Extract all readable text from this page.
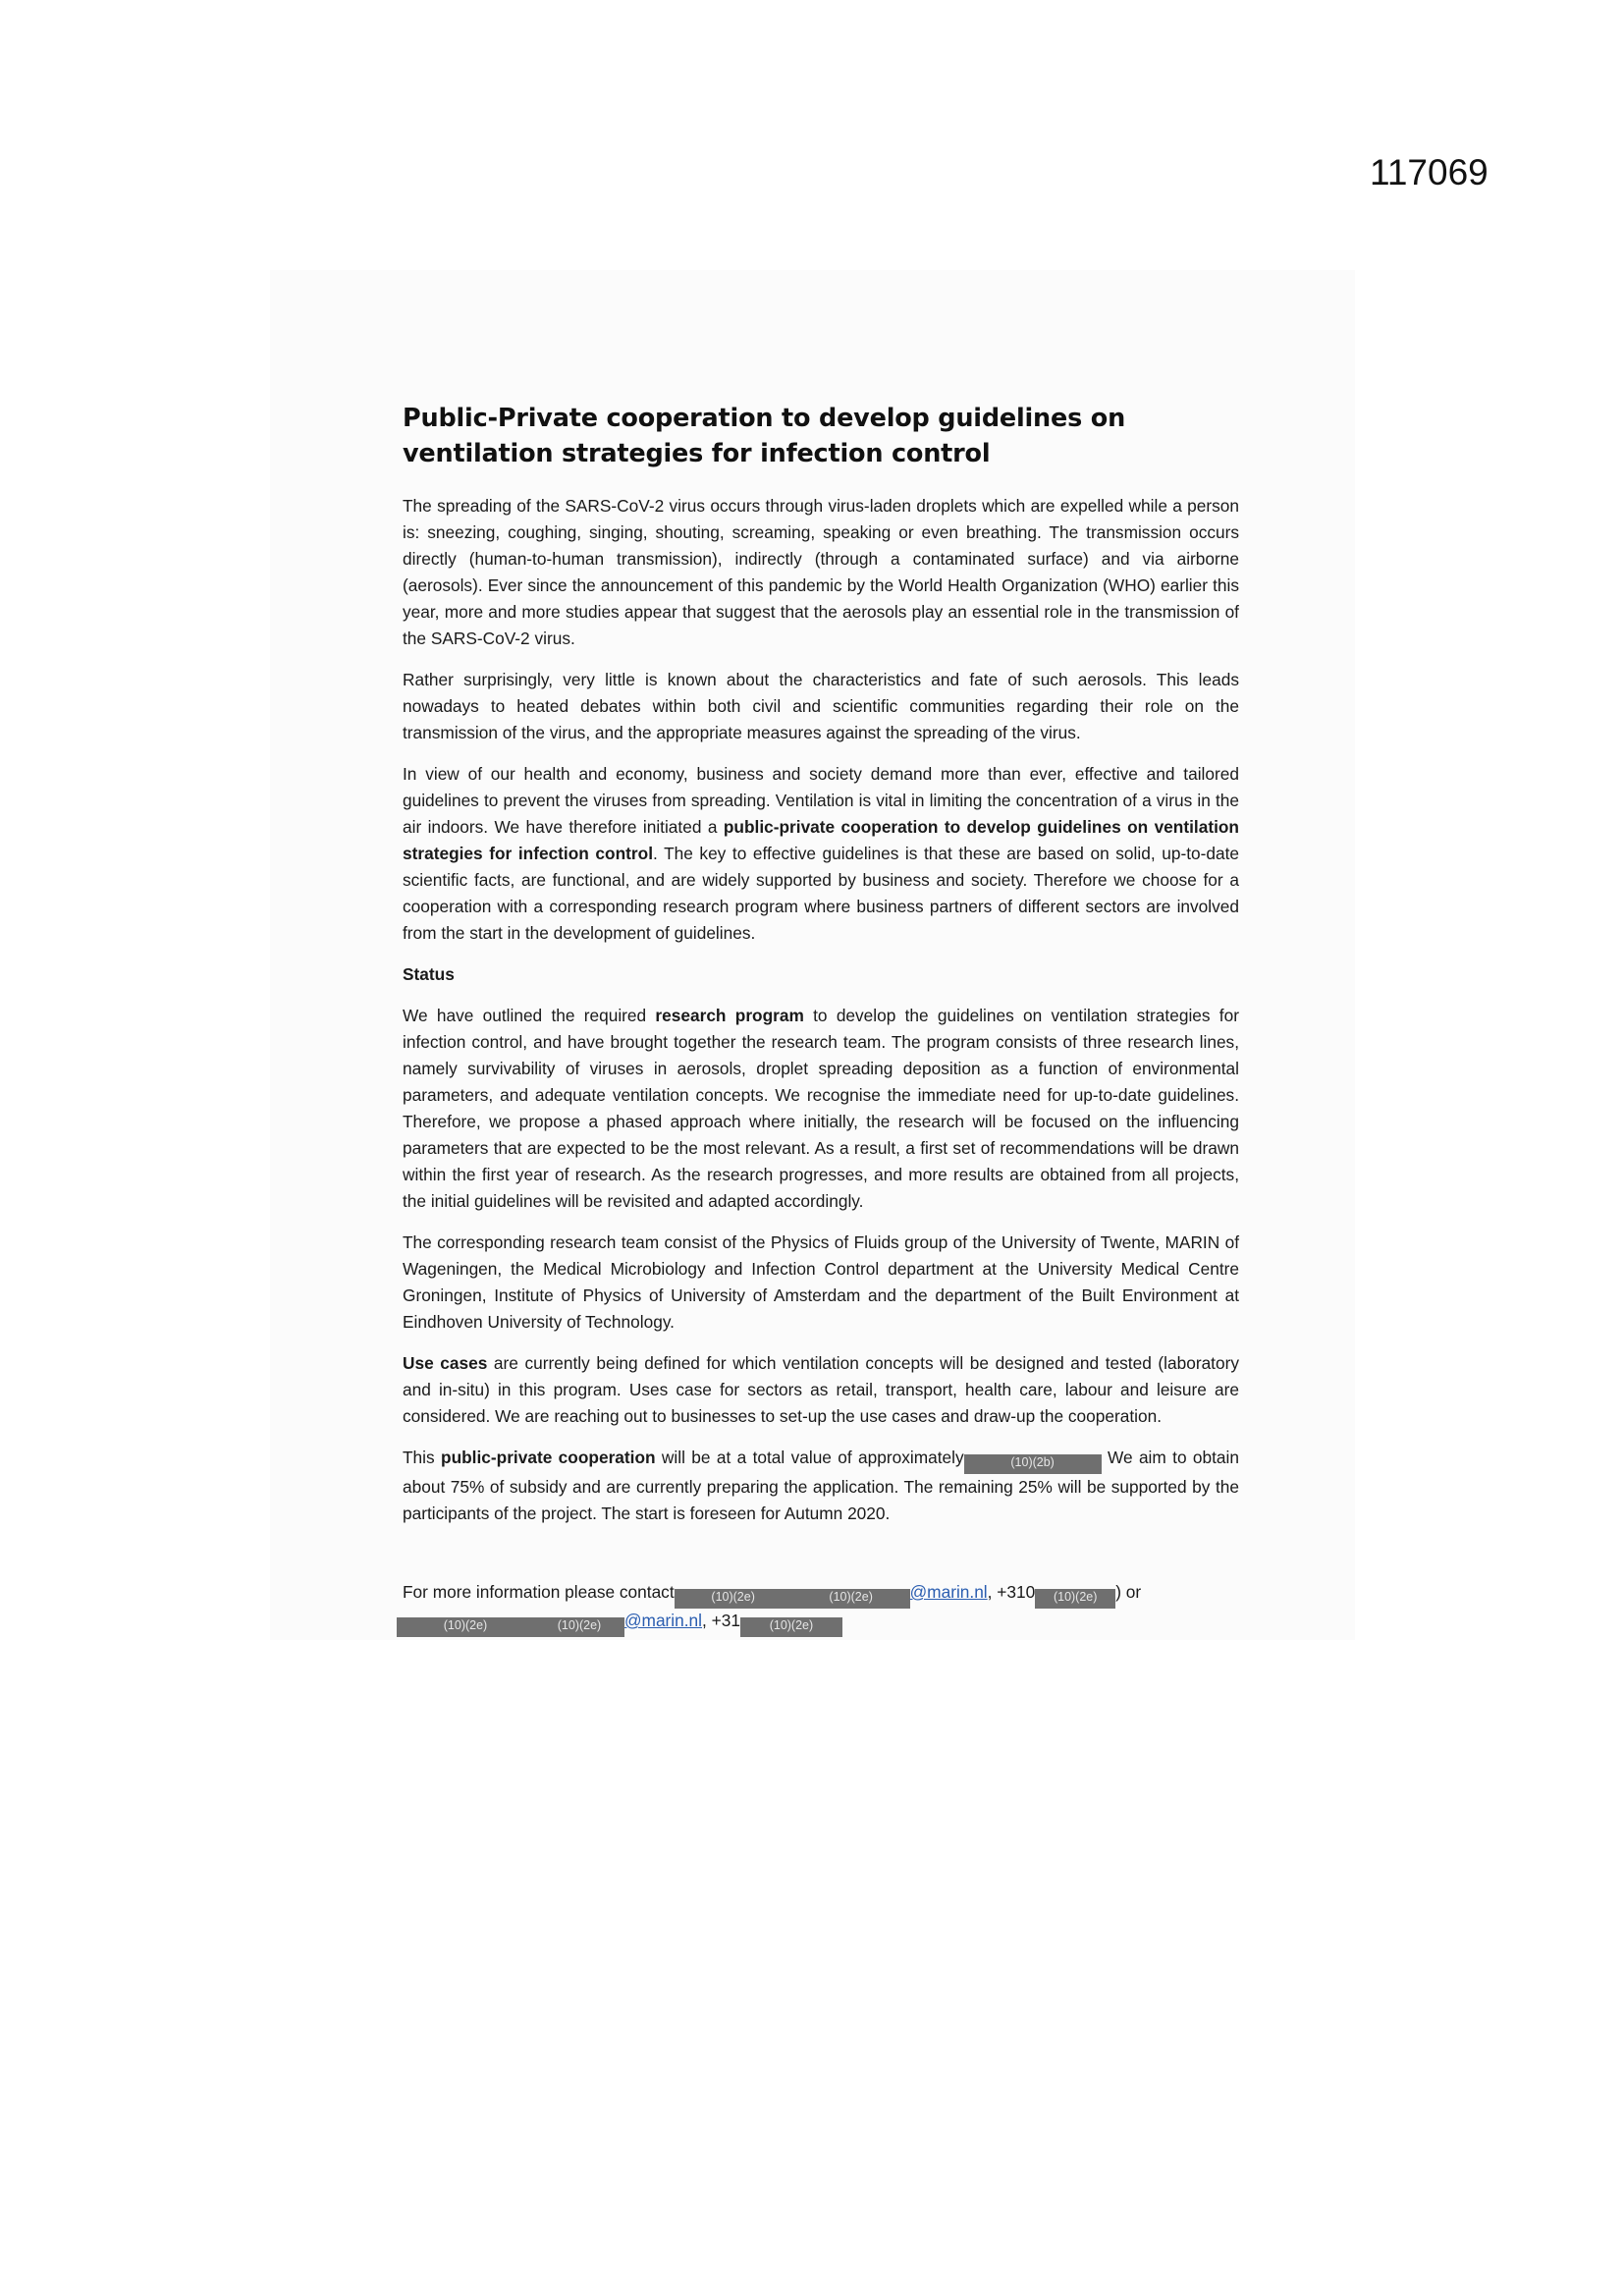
117069
Public-Private cooperation to develop guidelines on
ventilation strategies for infection control

The spreading of the SARS-CoV-2 virus occurs through virus-laden droplets which are expelled while a person is: sneezing, coughing, singing, shouting, screaming, speaking or even breathing. The transmission occurs directly (human-to-human transmission), indirectly (through a contaminated surface) and via airborne (aerosols). Ever since the announcement of this pandemic by the World Health Organization (WHO) earlier this year, more and more studies appear that suggest that the aerosols play an essential role in the transmission of the SARS-CoV-2 virus.

Rather surprisingly, very little is known about the characteristics and fate of such aerosols. This leads nowadays to heated debates within both civil and scientific communities regarding their role on the transmission of the virus, and the appropriate measures against the spreading of the virus.

In view of our health and economy, business and society demand more than ever, effective and tailored guidelines to prevent the viruses from spreading. Ventilation is vital in limiting the concentration of a virus in the air indoors. We have therefore initiated a public-private cooperation to develop guidelines on ventilation strategies for infection control. The key to effective guidelines is that these are based on solid, up-to-date scientific facts, are functional, and are widely supported by business and society. Therefore we choose for a cooperation with a corresponding research program where business partners of different sectors are involved from the start in the development of guidelines.

Status

We have outlined the required research program to develop the guidelines on ventilation strategies for infection control, and have brought together the research team. The program consists of three research lines, namely survivability of viruses in aerosols, droplet spreading deposition as a function of environmental parameters, and adequate ventilation concepts. We recognise the immediate need for up-to-date guidelines. Therefore, we propose a phased approach where initially, the research will be focused on the influencing parameters that are expected to be the most relevant. As a result, a first set of recommendations will be drawn within the first year of research. As the research progresses, and more results are obtained from all projects, the initial guidelines will be revisited and adapted accordingly.

The corresponding research team consist of the Physics of Fluids group of the University of Twente, MARIN of Wageningen, the Medical Microbiology and Infection Control department at the University Medical Centre Groningen, Institute of Physics of University of Amsterdam and the department of the Built Environment at Eindhoven University of Technology.

Use cases are currently being defined for which ventilation concepts will be designed and tested (laboratory and in-situ) in this program. Uses case for sectors as retail, transport, health care, labour and leisure are considered. We are reaching out to businesses to set-up the use cases and draw-up the cooperation.

This public-private cooperation will be at a total value of approximately	(10)(2b)	We aim to obtain about 75% of subsidy and are currently preparing the application. The remaining 25% will be supported by the participants of the project. The start is foreseen for Autumn 2020.

For more information please contact	(10)(2e)	(10)(2e) @marin.nl, +310 (10)(2e) ) or
(10)(2e)	(10)(2e) @marin.nl, +31 (10)(2e)
